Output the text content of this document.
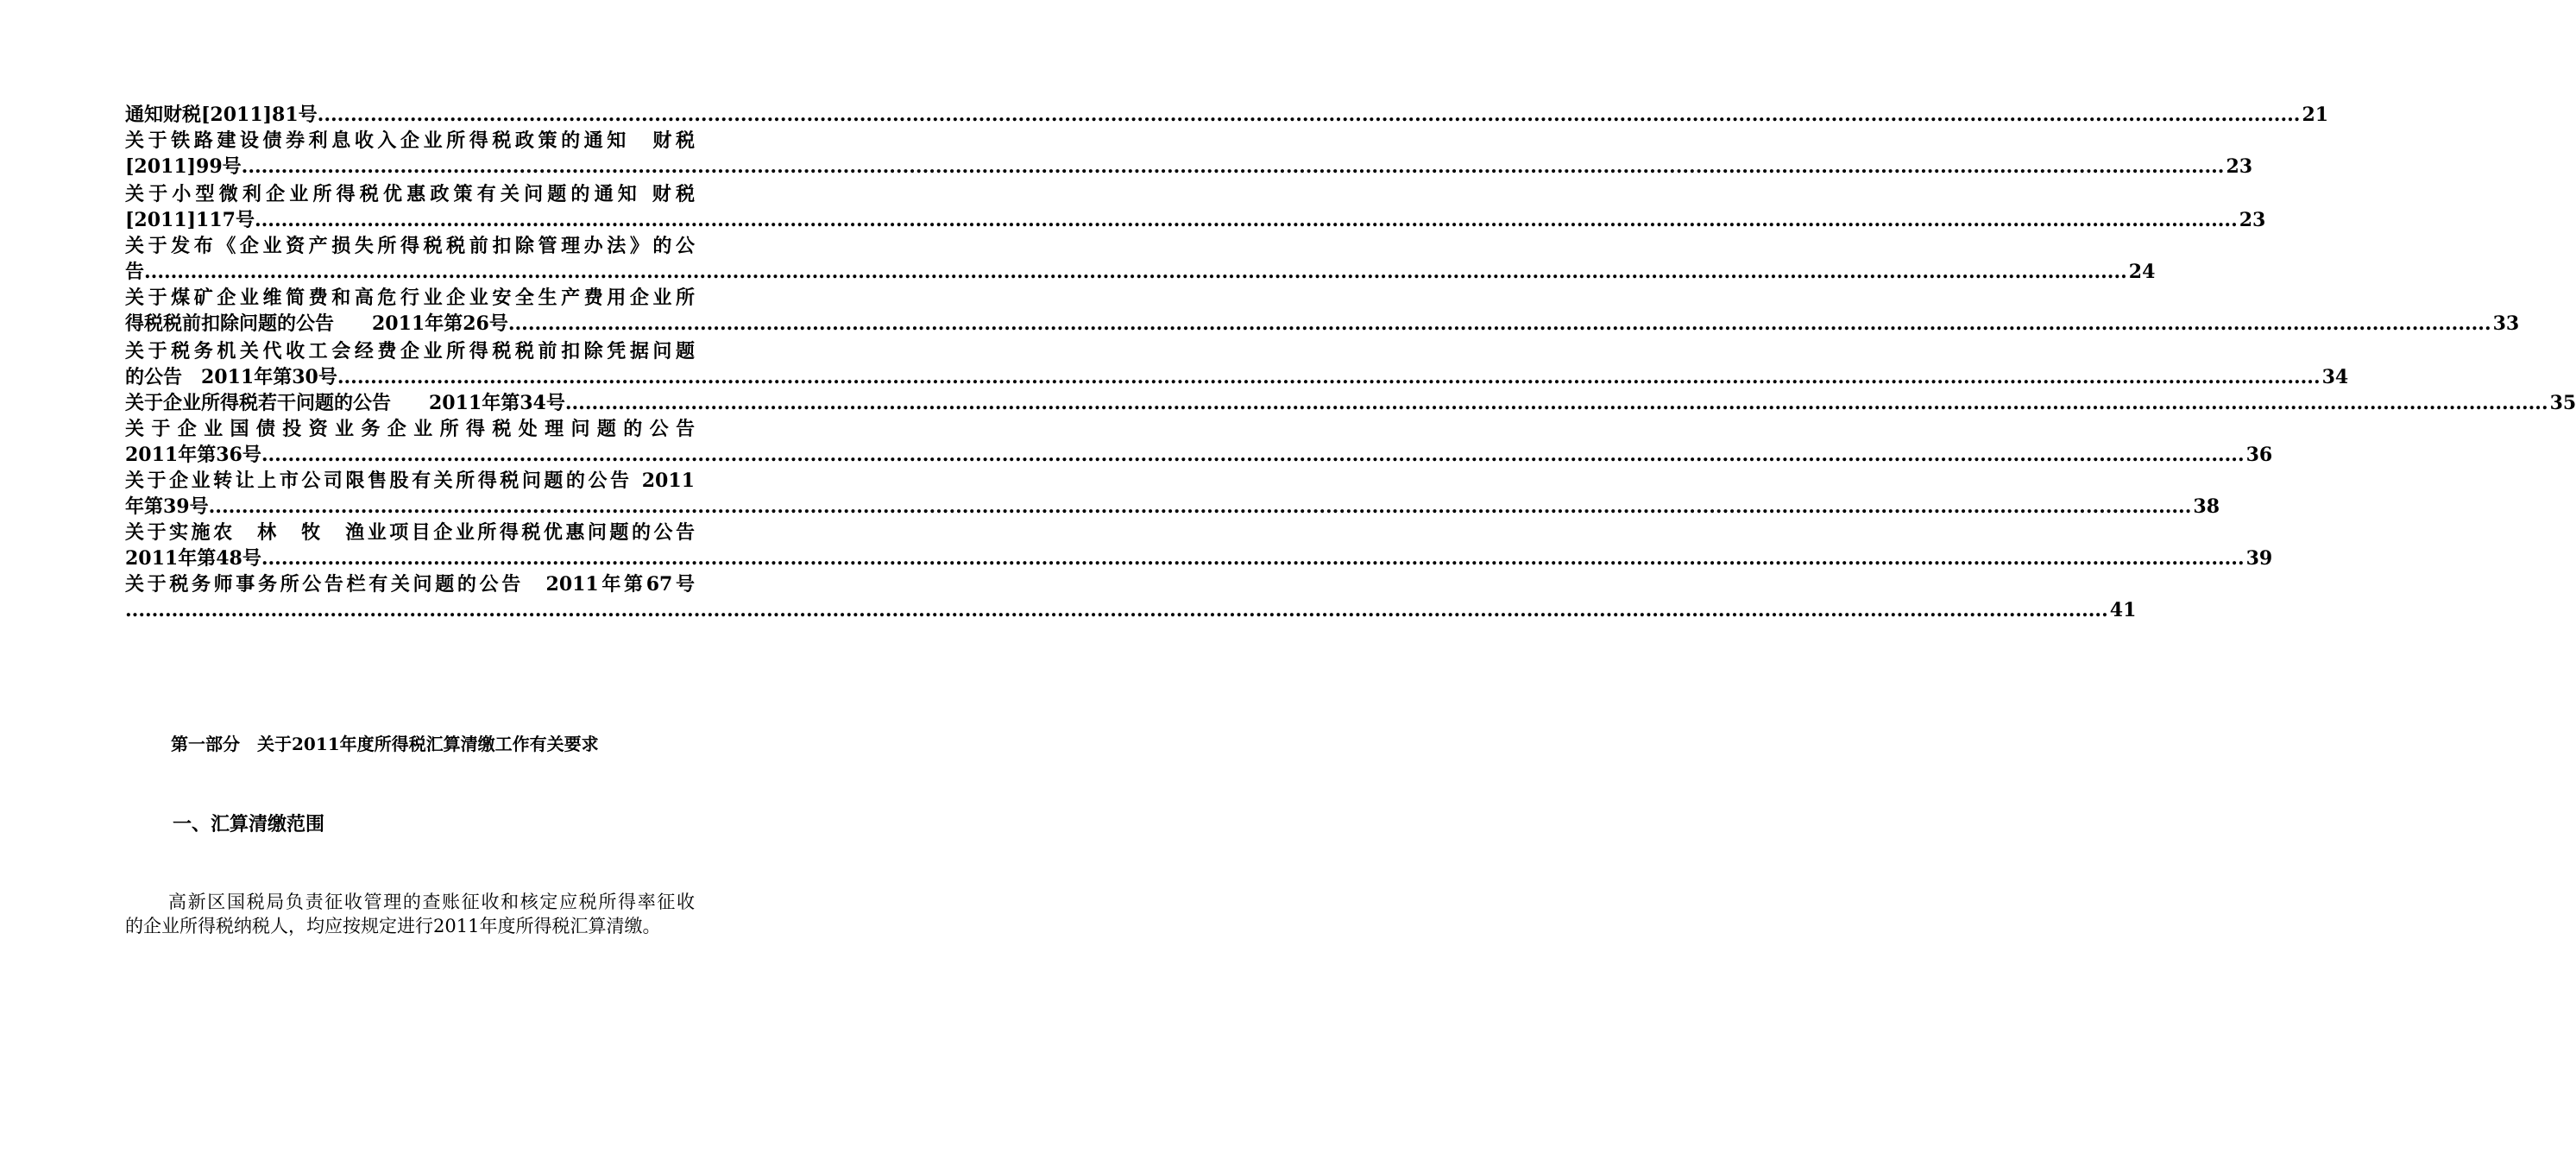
通知财税[2011]81号 ............................................................................................................................................................................................................................................................................................................ 21
关于铁路建设债券利息收入企业所得税政策的通知　财税
[2011]99号 ............................................................................................................................................................................................................................................................................................................ 23
关于小型微利企业所得税优惠政策有关问题的通知 财税
[2011]117号 ............................................................................................................................................................................................................................................................................................................ 23
关于发布《企业资产损失所得税税前扣除管理办法》的公
告 ............................................................................................................................................................................................................................................................................................................ 24
关于煤矿企业维简费和高危行业企业安全生产费用企业所
得税税前扣除问题的公告　　2011年第26号 ............................................................................................................................................................................................................................................................................................................ 33
关于税务机关代收工会经费企业所得税税前扣除凭据问题
的公告　2011年第30号 ............................................................................................................................................................................................................................................................................................................ 34
关于企业所得税若干问题的公告　　2011年第34号 ............................................................................................................................................................................................................................................................................................................ 35
关于企业国债投资业务企业所得税处理问题的公告
2011年第36号 ............................................................................................................................................................................................................................................................................................................ 36
关于企业转让上市公司限售股有关所得税问题的公告 2011
年第39号 ............................................................................................................................................................................................................................................................................................................ 38
关于实施农　林　牧　渔业项目企业所得税优惠问题的公告
2011年第48号 ............................................................................................................................................................................................................................................................................................................ 39
关于税务师事务所公告栏有关问题的公告　2011年第67号
............................................................................................................................................................................................................................................................................................................ 41
第一部分　关于2011年度所得税汇算清缴工作有关要求
一、汇算清缴范围
高新区国税局负责征收管理的查账征收和核定应税所得率征收
的企业所得税纳税人，均应按规定进行2011年度所得税汇算清缴。
